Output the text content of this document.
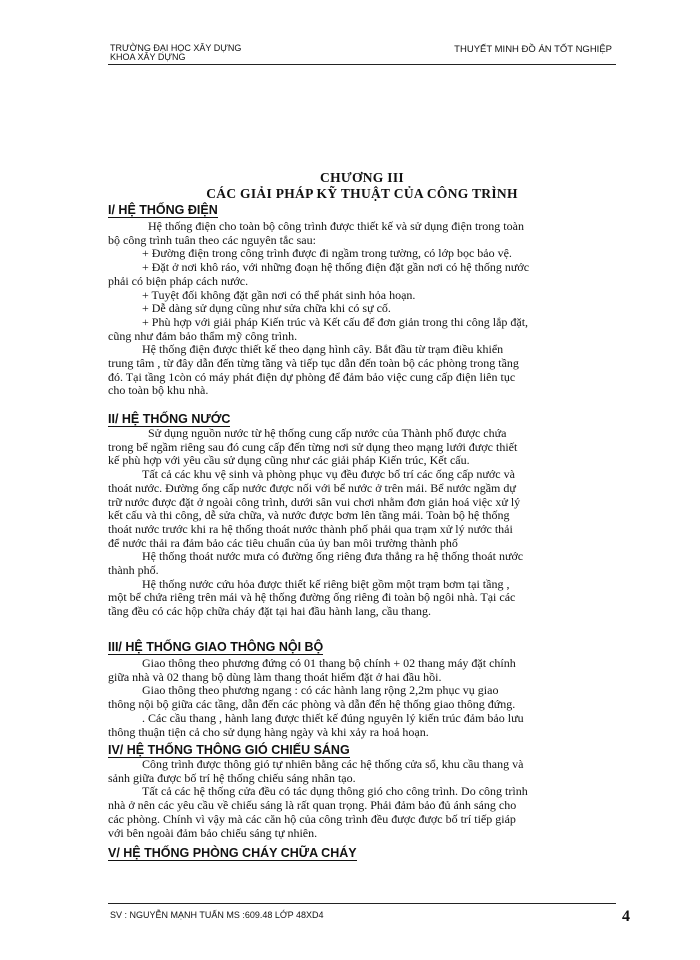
TRƯỜNG ĐẠI HỌC XÂY DỰNG
KHOA XÂY DỰNG
THUYẾT MINH ĐỒ ÁN TỐT NGHIỆP
CHƯƠNG III
CÁC GIẢI PHÁP KỸ THUẬT CỦA CÔNG TRÌNH
I/ HỆ THỐNG ĐIỆN

Hệ thống điện cho toàn bộ công trình được thiết kế và sử dụng điện trong toàn

bộ công trình tuân theo các nguyên tắc sau:

+ Đường điện trong công trình được đi ngầm trong tường, có lớp bọc bảo vệ.

+ Đặt ở nơi khô ráo, với những đoạn hệ thống điện đặt gần nơi có hệ thống nước

phải có biện pháp cách nước.

+ Tuyệt đối không đặt gần nơi có thể phát sinh hỏa hoạn.

+ Dễ dàng sử dụng cũng như sửa chữa khi có sự cố.

+ Phù hợp với giải pháp Kiến trúc và Kết cấu để đơn giản trong thi công lắp đặt,

cũng như đảm bảo thẩm mỹ công trình.

Hệ thống điện được thiết kế theo dạng hình cây. Bắt đầu từ trạm điều khiển

trung tâm , từ đây dẫn đến từng tầng và tiếp tục dẫn đến toàn bộ các phòng trong tầng

đó. Tại tầng 1còn có máy phát điện dự phòng để đảm bảo việc cung cấp điện liên tục

cho toàn bộ khu nhà.

II/ HỆ THỐNG NƯỚC

Sử dụng nguồn nước từ hệ thống cung cấp nước của Thành phố được chứa

trong bể ngầm riêng sau đó cung cấp đến từng nơi sử dụng theo mạng lưới được thiết

kế phù hợp với yêu cầu sử dụng cũng như các giải pháp Kiến trúc, Kết cấu.

Tất cả các khu vệ sinh và phòng phục vụ đều được bố trí các ống cấp nước và

thoát nước. Đường ống cấp nước được nối với bể nước ở trên mái. Bể nước ngầm dự

trữ nước được đặt ở ngoài công trình, dưới sân vui chơi nhằm đơn giản hoá việc xử lý

kết cấu và thi công, dễ sửa chữa, và nước được bơm lên tầng mái. Toàn bộ hệ thống

thoát nước trước khi ra hệ thống thoát nước thành phố phải qua trạm xử lý nước thải

để nước thải ra đảm bảo các tiêu chuẩn của ủy ban môi trường thành phố

Hệ thống thoát nước mưa có đường ống riêng đưa thẳng ra hệ thống thoát nước

thành phố.

Hệ thống nước cứu hỏa được thiết kế riêng biệt gồm một trạm bơm tại tầng ,

một bể chứa riêng trên mái và hệ thống đường ống riêng đi toàn bộ ngôi nhà. Tại các

tầng đều có các hộp chữa cháy đặt tại hai đầu hành lang, cầu thang.

III/ HỆ THỐNG GIAO THÔNG NỘI BỘ

Giao thông theo phương đứng có 01 thang bộ chính + 02 thang máy đặt chính

giữa nhà và 02 thang bộ dùng làm thang thoát hiểm đặt ở hai đầu hồi.

Giao thông theo phương ngang : có các hành lang rộng 2,2m phục vụ giao

thông nội bộ giữa các tầng, dẫn đến các phòng và dẫn đến hệ thống giao thông đứng.

. Các cầu thang , hành lang được thiết kế đúng nguyên lý kiến trúc đảm bảo lưu

thông thuận tiện cả cho sử dụng hàng ngày và khi xảy ra hoả hoạn.

IV/ HỆ THỐNG THÔNG GIÓ CHIẾU SÁNG

Công trình được thông gió tự nhiên bằng các hệ thống cửa sổ, khu cầu thang và

sảnh giữa được bố trí hệ thống chiếu sáng nhân tạo.

Tất cả các hệ thống cửa đều có tác dụng thông gió cho công trình. Do công trình

nhà ở nên các yêu cầu về chiếu sáng là rất quan trọng. Phải đảm bảo đủ ánh sáng cho

các phòng. Chính vì vậy mà các căn hộ của công trình đều được được bố trí tiếp giáp

với bên ngoài đảm bảo chiếu sáng tự nhiên.

V/ HỆ THỐNG PHÒNG CHÁY CHỮA CHÁY
SV : NGUYỄN MẠNH TUẤN MS :609.48 LỚP 48XD4	4
